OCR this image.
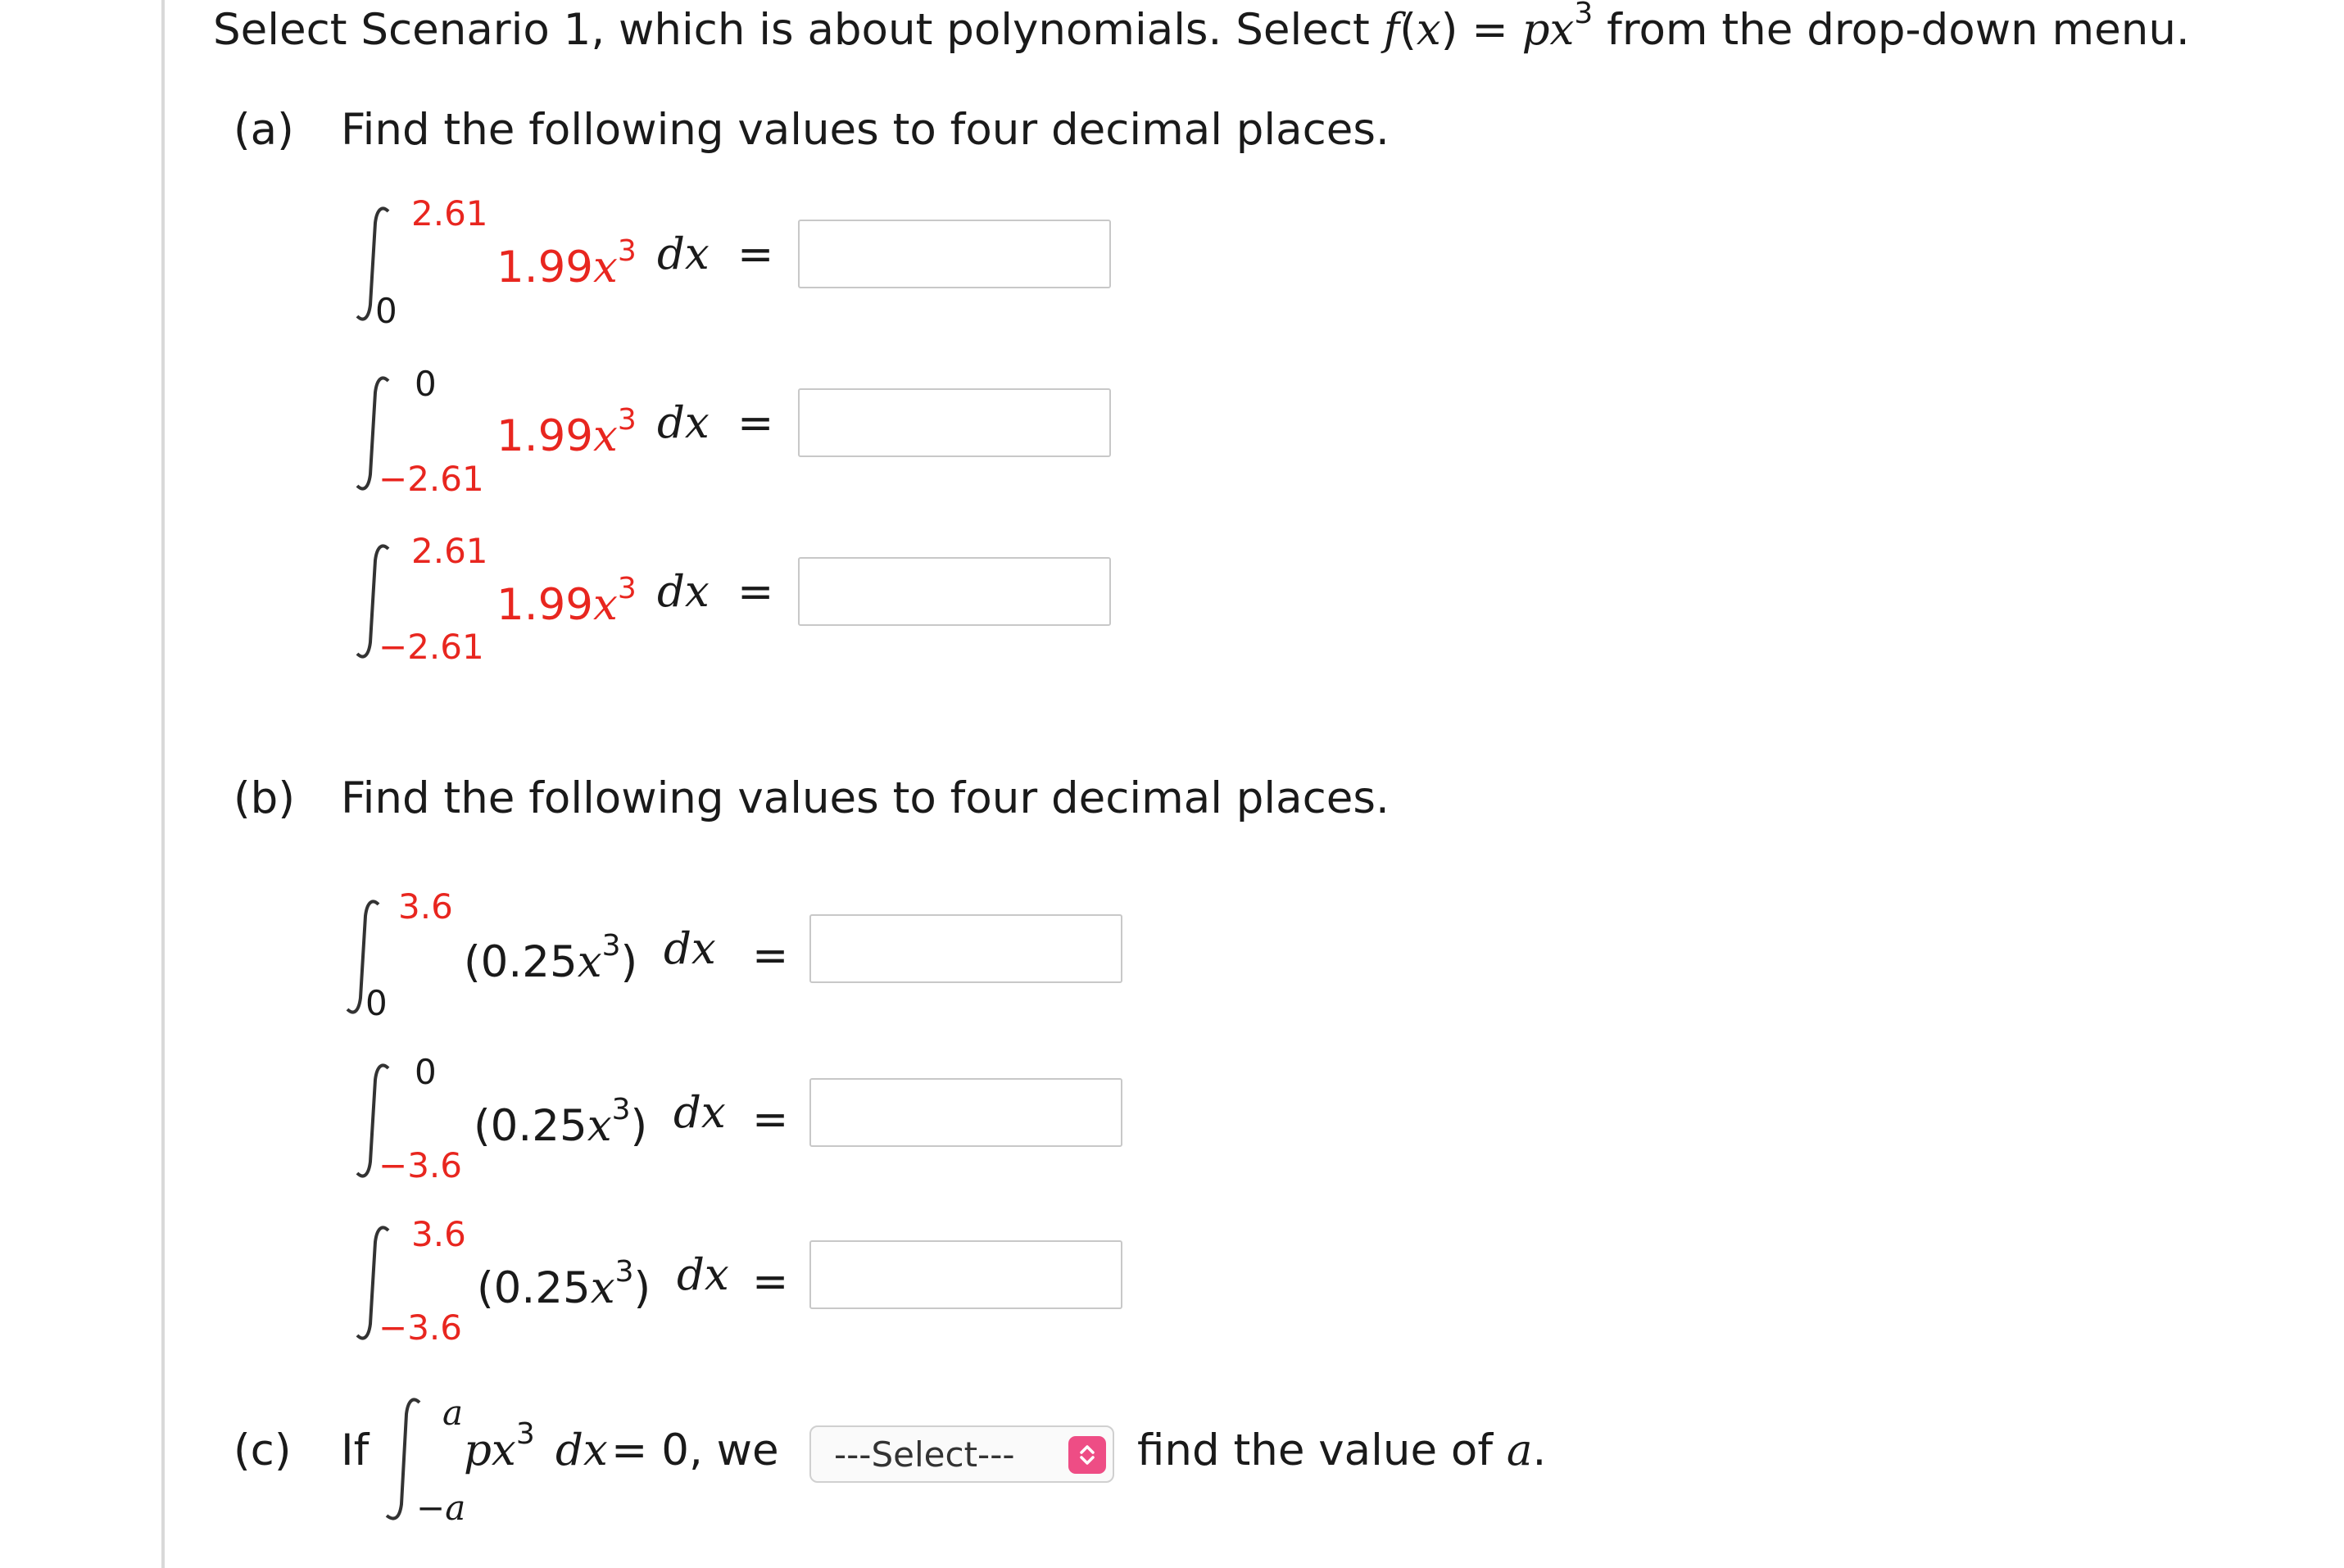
Select Scenario 1, which is about polynomials. Select $f(x) = px^3$ from the drop-down menu.
(a) Find the following values to four decimal places.
2.61
0
$1.99x^3$ dx =
0
−2.61
$1.99x^3$ dx =
2.61
−2.61
$1.99x^3$ dx =
(b) Find the following values to four decimal places.
3.6
0
$(0.25x^3)$ dx =
0
−3.6
$(0.25x^3)$ dx =
3.6
−3.6
$(0.25x^3)$ dx =
(c) If
a
−a
$px^3$ dx = 0, we ---Select---	find the value of a.
